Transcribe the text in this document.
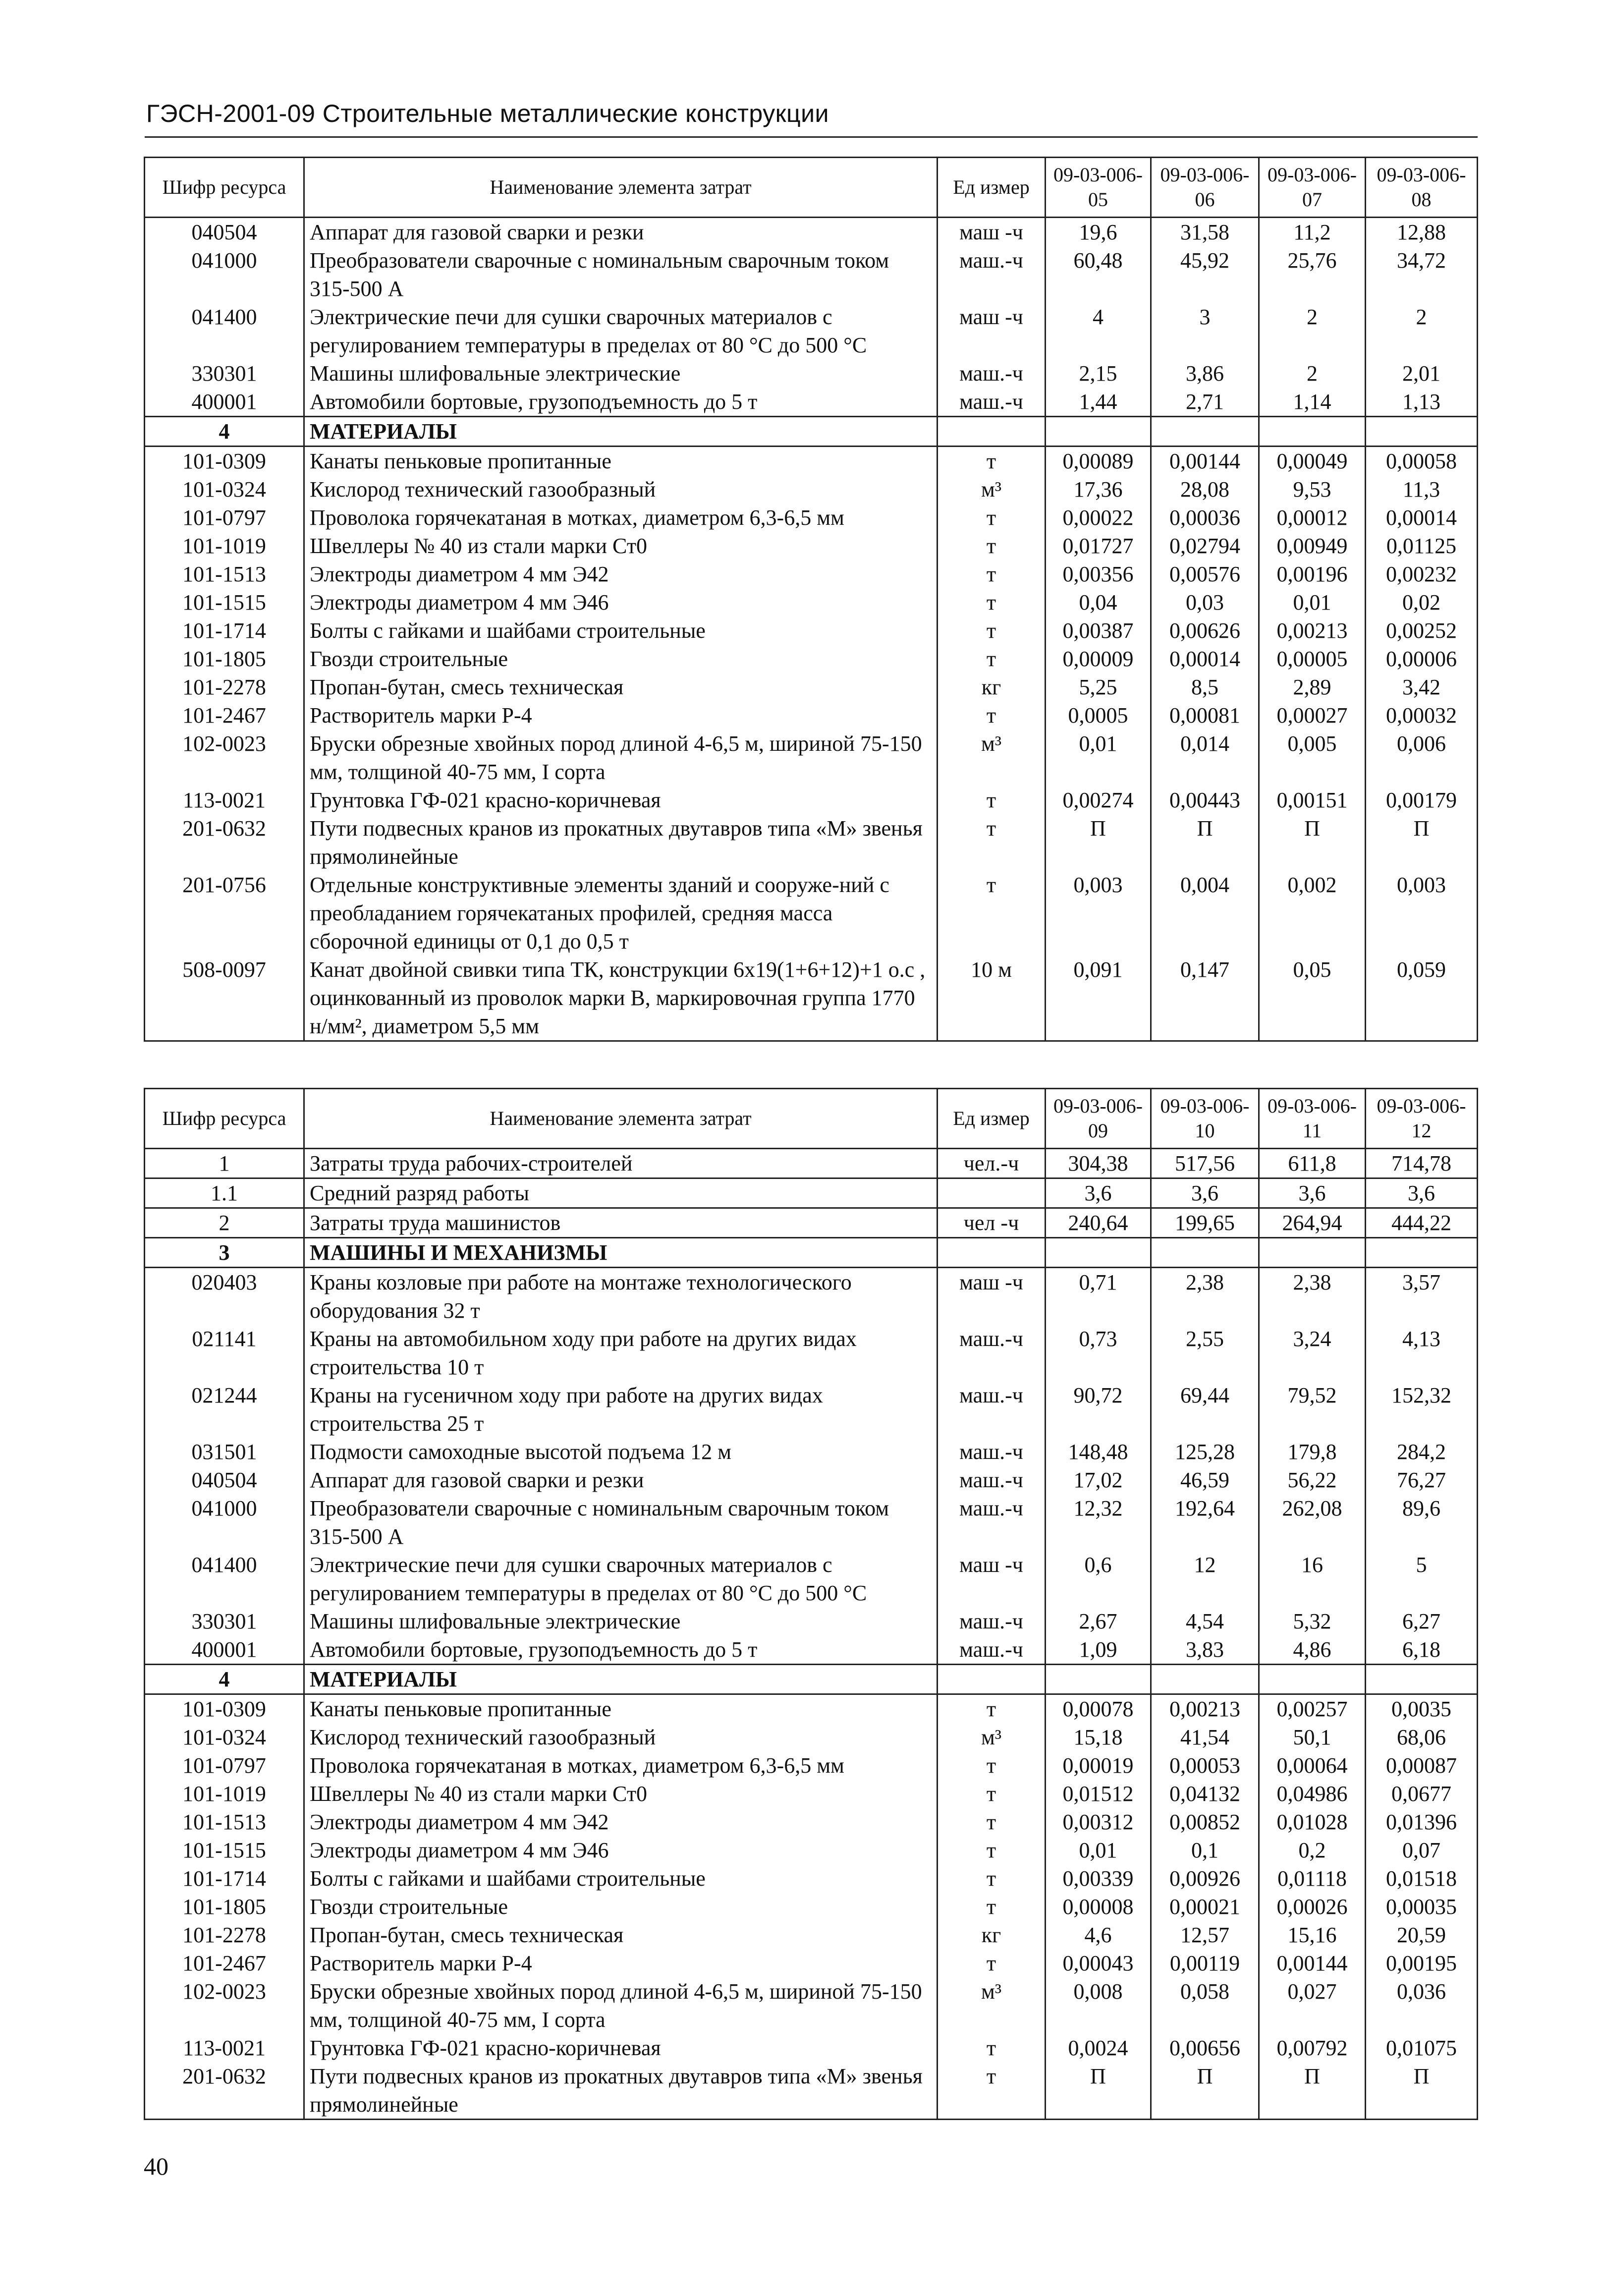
ГЭСН-2001-09 Строительные металлические конструкции
Шифр ресурса	Наименование элемента затрат	Ед измер	09-03-006-05	09-03-006-06	09-03-006-07	09-03-006-08
040504	Аппарат для газовой сварки и резки	маш -ч	19,6	31,58	11,2	12,88
041000	Преобразователи сварочные с номинальным сварочным током 315-500 А	маш.-ч	60,48	45,92	25,76	34,72
041400	Электрические печи для сушки сварочных материалов с регулированием температуры в пределах от 80 °С до 500 °С	маш -ч	4	3	2	2
330301	Машины шлифовальные электрические	маш.-ч	2,15	3,86	2	2,01
400001	Автомобили бортовые, грузоподъемность до 5 т	маш.-ч	1,44	2,71	1,14	1,13
4	МАТЕРИАЛЫ					
101-0309	Канаты пеньковые пропитанные	т	0,00089	0,00144	0,00049	0,00058
101-0324	Кислород технический газообразный	м³	17,36	28,08	9,53	11,3
101-0797	Проволока горячекатаная в мотках, диаметром 6,3-6,5 мм	т	0,00022	0,00036	0,00012	0,00014
101-1019	Швеллеры № 40 из стали марки Ст0	т	0,01727	0,02794	0,00949	0,01125
101-1513	Электроды диаметром 4 мм Э42	т	0,00356	0,00576	0,00196	0,00232
101-1515	Электроды диаметром 4 мм Э46	т	0,04	0,03	0,01	0,02
101-1714	Болты с гайками и шайбами строительные	т	0,00387	0,00626	0,00213	0,00252
101-1805	Гвозди строительные	т	0,00009	0,00014	0,00005	0,00006
101-2278	Пропан-бутан, смесь техническая	кг	5,25	8,5	2,89	3,42
101-2467	Растворитель марки Р-4	т	0,0005	0,00081	0,00027	0,00032
102-0023	Бруски обрезные хвойных пород длиной 4-6,5 м, шириной 75-150 мм, толщиной 40-75 мм, I сорта	м³	0,01	0,014	0,005	0,006
113-0021	Грунтовка ГФ-021 красно-коричневая	т	0,00274	0,00443	0,00151	0,00179
201-0632	Пути подвесных кранов из прокатных двутавров типа «М» звенья прямолинейные	т	П	П	П	П
201-0756	Отдельные конструктивные элементы зданий и сооруже-ний с преобладанием горячекатаных профилей, средняя масса сборочной единицы от 0,1 до 0,5 т	т	0,003	0,004	0,002	0,003
508-0097	Канат двойной свивки типа ТК, конструкции 6х19(1+6+12)+1 о.с , оцинкованный из проволок марки В, маркировочная группа 1770 н/мм², диаметром 5,5 мм	10 м	0,091	0,147	0,05	0,059
Шифр ресурса	Наименование элемента затрат	Ед измер	09-03-006-09	09-03-006-10	09-03-006-11	09-03-006-12
1	Затраты труда рабочих-строителей	чел.-ч	304,38	517,56	611,8	714,78
1.1	Средний разряд работы		3,6	3,6	3,6	3,6
2	Затраты труда машинистов	чел -ч	240,64	199,65	264,94	444,22
3	МАШИНЫ И МЕХАНИЗМЫ					
020403	Краны козловые при работе на монтаже технологического оборудования 32 т	маш -ч	0,71	2,38	2,38	3,57
021141	Краны на автомобильном ходу при работе на других видах строительства 10 т	маш.-ч	0,73	2,55	3,24	4,13
021244	Краны на гусеничном ходу при работе на других видах строительства 25 т	маш.-ч	90,72	69,44	79,52	152,32
031501	Подмости самоходные высотой подъема 12 м	маш.-ч	148,48	125,28	179,8	284,2
040504	Аппарат для газовой сварки и резки	маш.-ч	17,02	46,59	56,22	76,27
041000	Преобразователи сварочные с номинальным сварочным током 315-500 А	маш.-ч	12,32	192,64	262,08	89,6
041400	Электрические печи для сушки сварочных материалов с регулированием температуры в пределах от 80 °С до 500 °С	маш -ч	0,6	12	16	5
330301	Машины шлифовальные электрические	маш.-ч	2,67	4,54	5,32	6,27
400001	Автомобили бортовые, грузоподъемность до 5 т	маш.-ч	1,09	3,83	4,86	6,18
4	МАТЕРИАЛЫ					
101-0309	Канаты пеньковые пропитанные	т	0,00078	0,00213	0,00257	0,0035
101-0324	Кислород технический газообразный	м³	15,18	41,54	50,1	68,06
101-0797	Проволока горячекатаная в мотках, диаметром 6,3-6,5 мм	т	0,00019	0,00053	0,00064	0,00087
101-1019	Швеллеры № 40 из стали марки Ст0	т	0,01512	0,04132	0,04986	0,0677
101-1513	Электроды диаметром 4 мм Э42	т	0,00312	0,00852	0,01028	0,01396
101-1515	Электроды диаметром 4 мм Э46	т	0,01	0,1	0,2	0,07
101-1714	Болты с гайками и шайбами строительные	т	0,00339	0,00926	0,01118	0,01518
101-1805	Гвозди строительные	т	0,00008	0,00021	0,00026	0,00035
101-2278	Пропан-бутан, смесь техническая	кг	4,6	12,57	15,16	20,59
101-2467	Растворитель марки Р-4	т	0,00043	0,00119	0,00144	0,00195
102-0023	Бруски обрезные хвойных пород длиной 4-6,5 м, шириной 75-150 мм, толщиной 40-75 мм, I сорта	м³	0,008	0,058	0,027	0,036
113-0021	Грунтовка ГФ-021 красно-коричневая	т	0,0024	0,00656	0,00792	0,01075
201-0632	Пути подвесных кранов из прокатных двутавров типа «М» звенья прямолинейные	т	П	П	П	П
40
